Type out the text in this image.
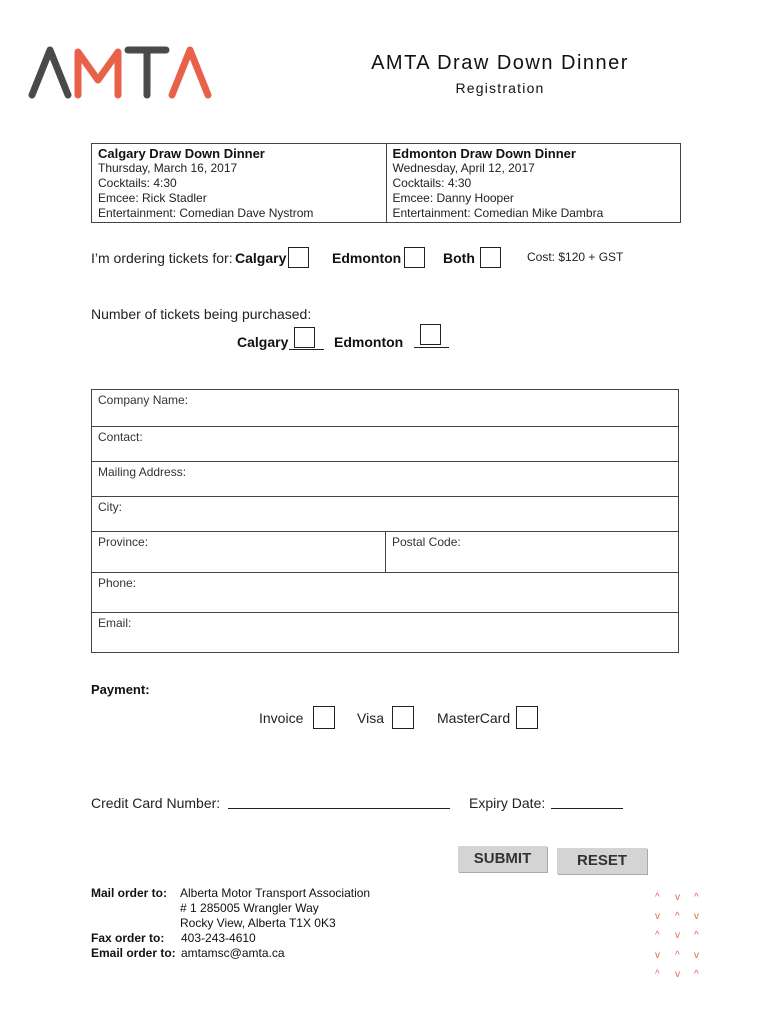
AMTA Draw Down Dinner
Registration
Calgary Draw Down Dinner
Thursday, March 16, 2017
Cocktails: 4:30
Emcee: Rick Stadler
Entertainment: Comedian Dave Nystrom
Edmonton Draw Down Dinner
Wednesday, April 12, 2017
Cocktails: 4:30
Emcee: Danny Hooper
Entertainment: Comedian Mike Dambra
I’m ordering tickets for: Calgary	Edmonton	Both	Cost: $120 + GST
Number of tickets being purchased:
Calgary	Edmonton
Company Name:
Contact:
Mailing Address:
City:
Province:	Postal Code:
Phone:
Email:
Payment:
Invoice	Visa	MasterCard
Credit Card Number:	Expiry Date:
SUBMIT	RESET
Mail order to: Alberta Motor Transport Association
# 1 285005 Wrangler Way
Rocky View, Alberta T1X 0K3
Fax order to: 403-243-4610
Email order to: amtamsc@amta.ca
^ v ^
v ^ v
^ v ^
v ^ v
^ v ^
